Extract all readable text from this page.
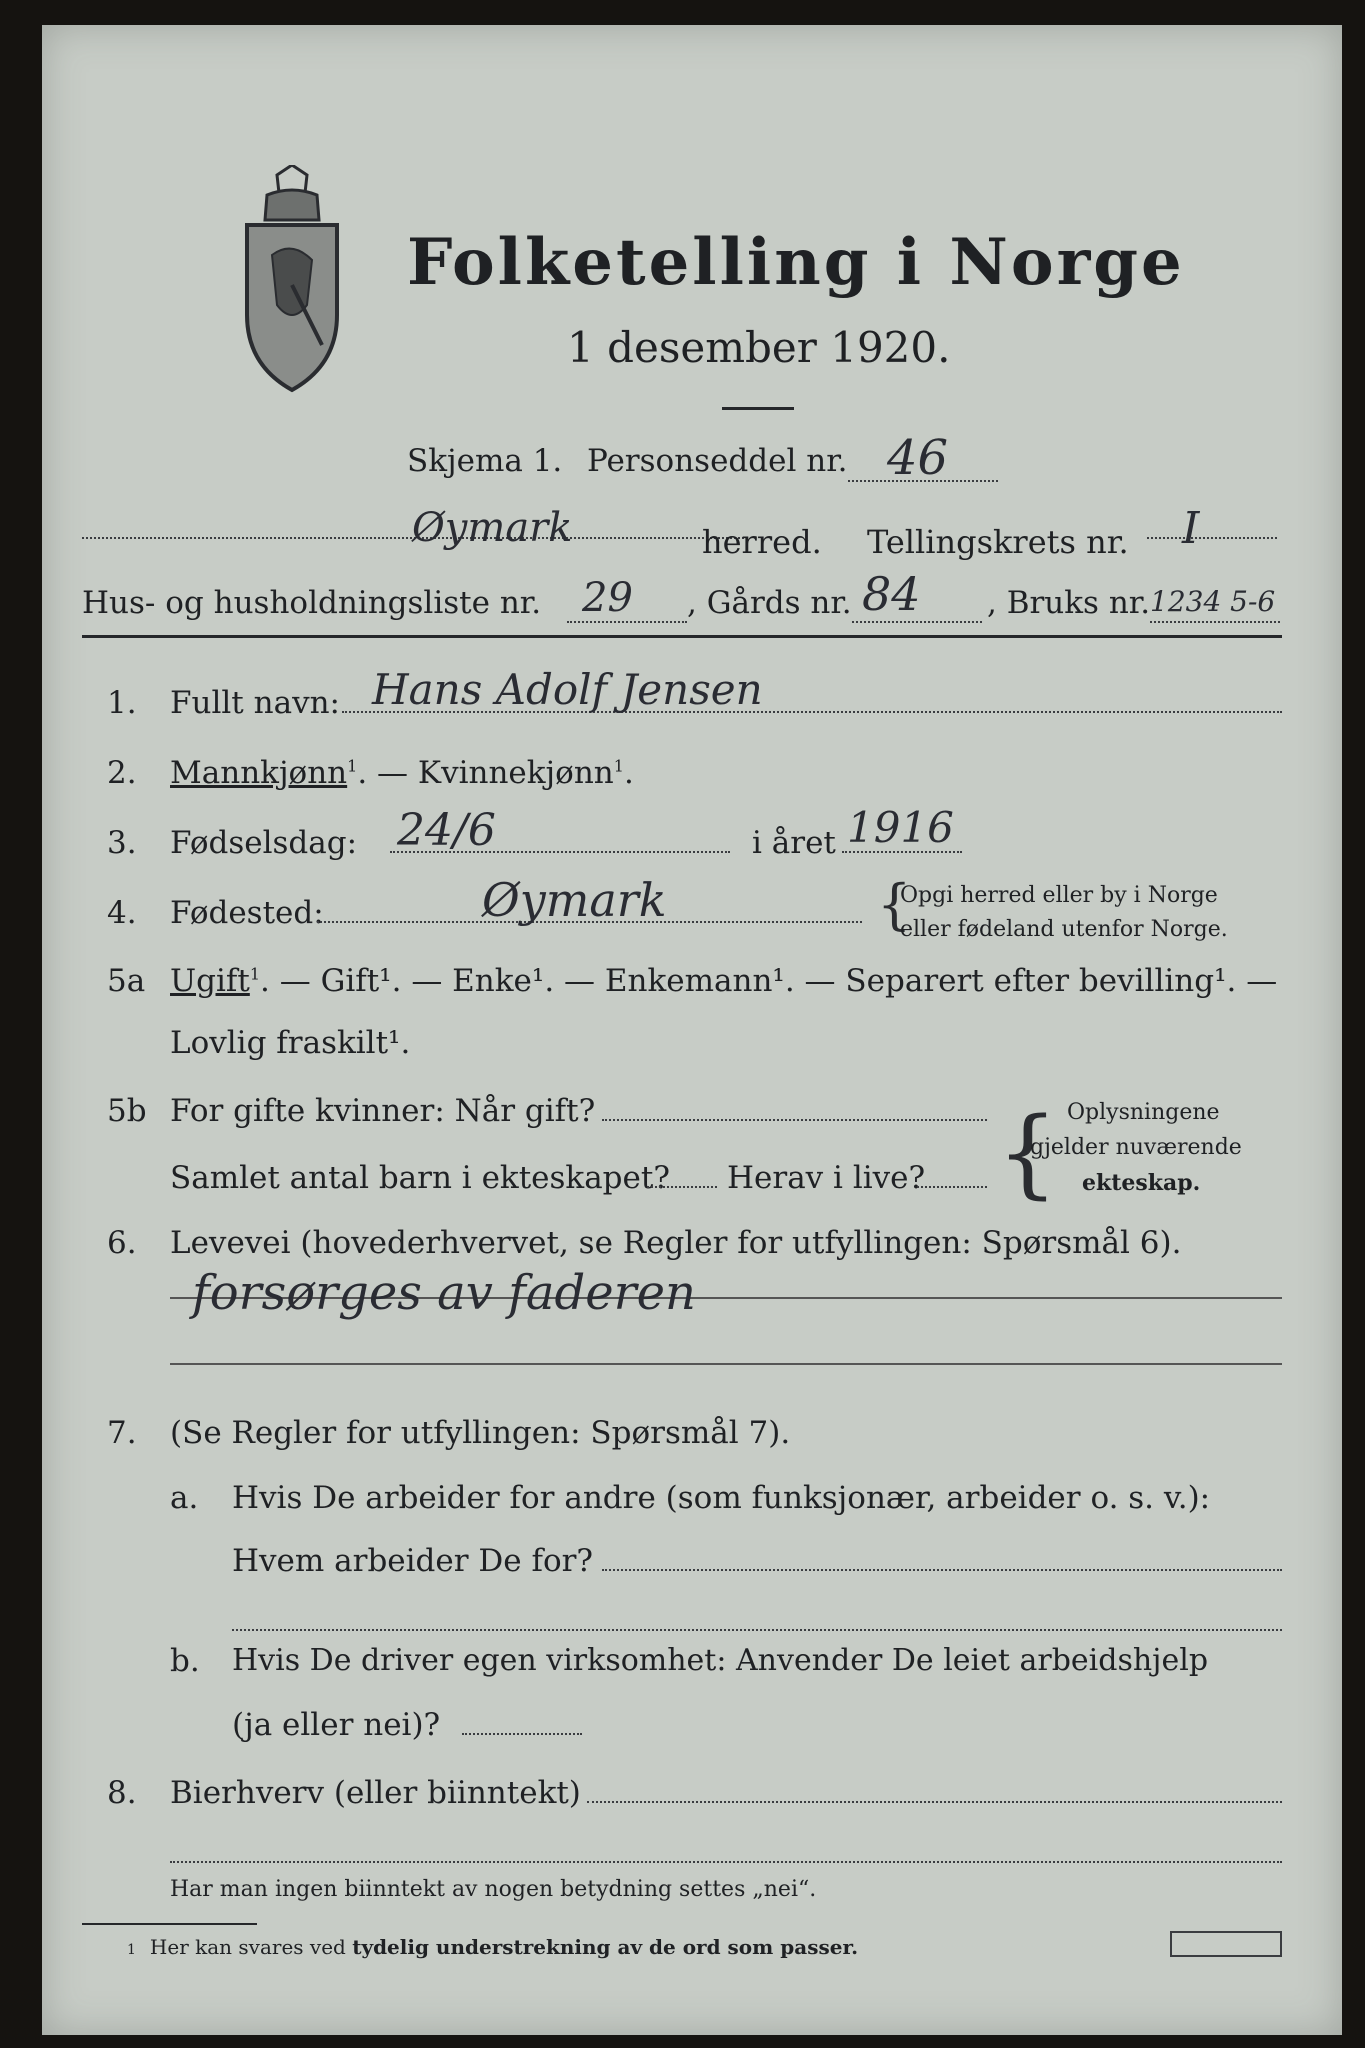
Folketelling i Norge
1 desember 1920.
Skjema 1. Personseddel nr. 46
Øymark	herred. Tellingskrets nr. I
Hus- og husholdningsliste nr. 29 , Gårds nr. 84 , Bruks nr. 1234 5-6
1. Fullt navn: Hans Adolf Jensen
2. Mannkjønn$^1$. — Kvinnekjønn$^1$.
3. Fødselsdag: 24/6	i året 1916
4. Fødested:	Øymark	{
Opgi herred eller by i Norge
eller fødeland utenfor Norge.
5a Ugift$^1$. — Gift¹. — Enke¹. — Enkemann¹. — Separert efter bevilling¹. —
Lovlig fraskilt¹.
5b For gifte kvinner: Når gift?
Samlet antal barn i ekteskapet? Herav i live? { Oplysningene
gjelder nuværende
ekteskap.
6. Levevei (hovederhvervet, se Regler for utfyllingen: Spørsmål 6).
forsørges av faderen
7. (Se Regler for utfyllingen: Spørsmål 7).
a. Hvis De arbeider for andre (som funksjonær, arbeider o. s. v.):
Hvem arbeider De for?
b. Hvis De driver egen virksomhet: Anvender De leiet arbeidshjelp
(ja eller nei)?
8. Bierhverv (eller biinntekt)
Har man ingen biinntekt av nogen betydning settes „nei“.
1 Her kan svares ved tydelig understrekning av de ord som passer.
